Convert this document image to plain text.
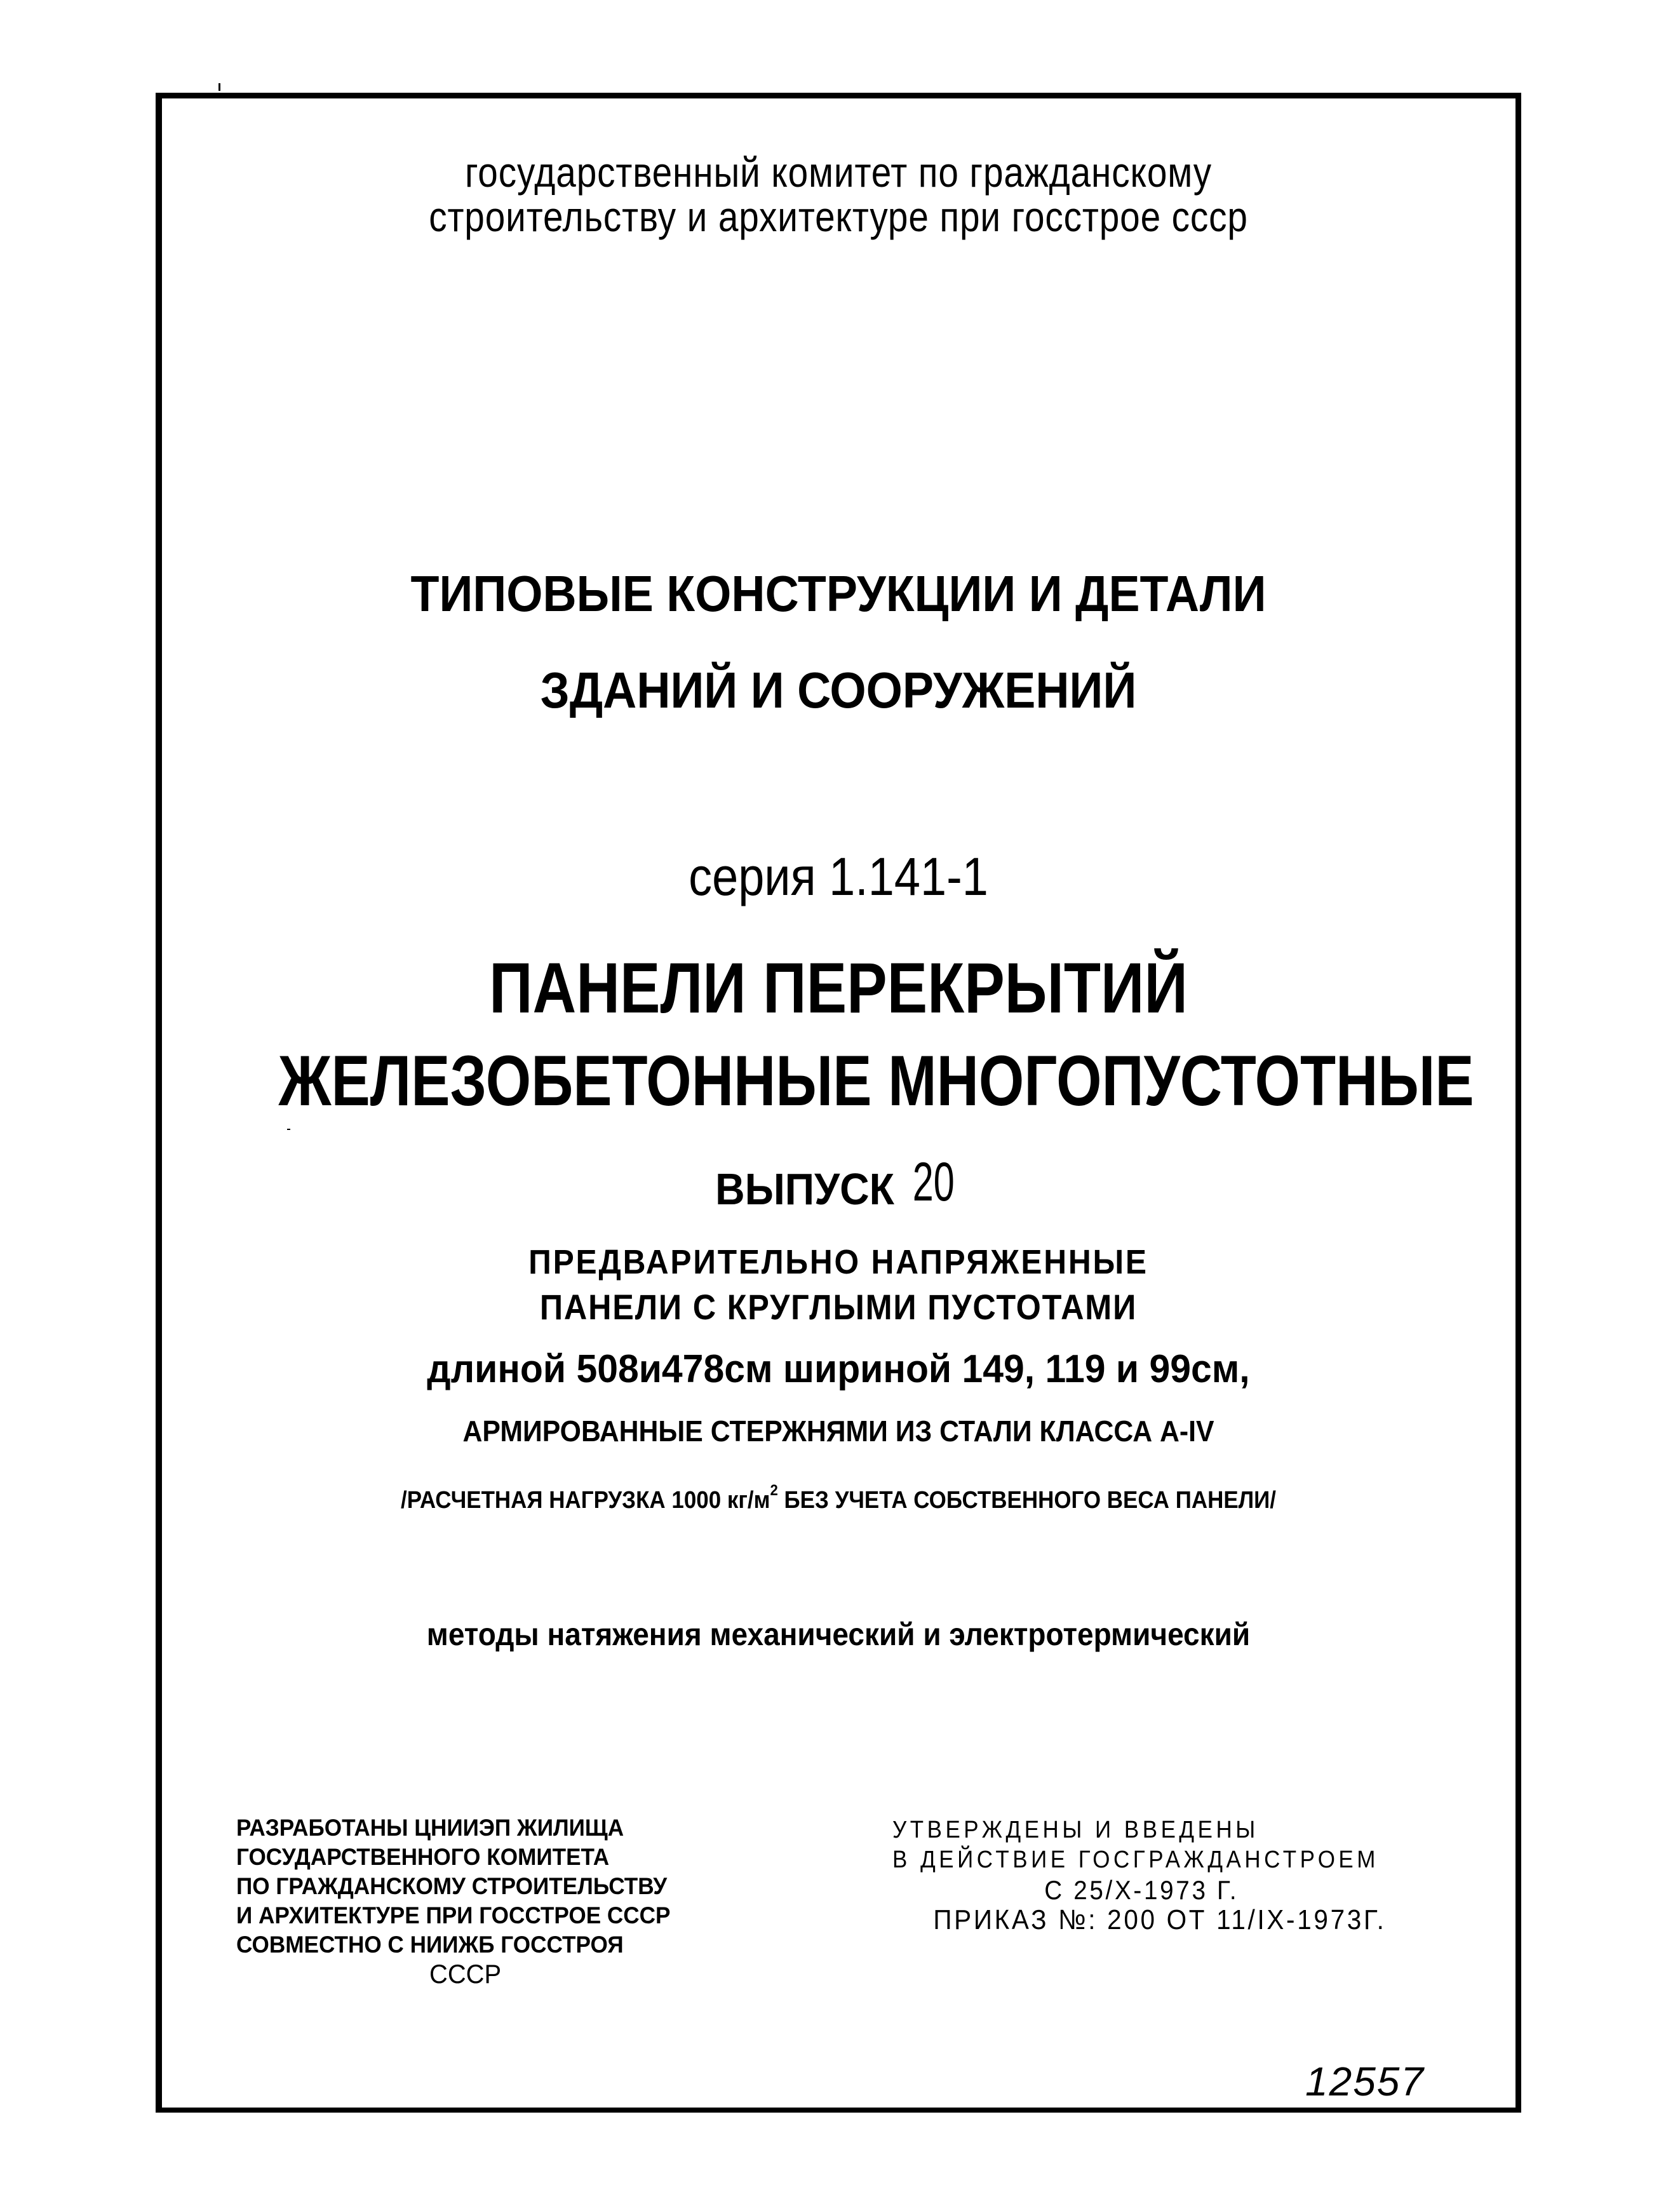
государственный комитет по гражданскому
строительству и архитектуре при госстрое ссср
ТИПОВЫЕ КОНСТРУКЦИИ И ДЕТАЛИ
ЗДАНИЙ И СООРУЖЕНИЙ
серия 1.141-1
ПАНЕЛИ ПЕРЕКРЫТИЙ
ЖЕЛЕЗОБЕТОННЫЕ МНОГОПУСТОТНЫЕ
ВЫПУСК 20
ПРЕДВАРИТЕЛЬНО НАПРЯЖЕННЫЕ
ПАНЕЛИ С КРУГЛЫМИ ПУСТОТАМИ
длиной 508и478см шириной 149, 119 и 99см,
АРМИРОВАННЫЕ СТЕРЖНЯМИ ИЗ СТАЛИ КЛАССА А-IV
/РАСЧЕТНАЯ НАГРУЗКА 1000 $кг/м^2$ БЕЗ УЧЕТА СОБСТВЕННОГО ВЕСА ПАНЕЛИ/
методы натяжения механический и электротермический
РАЗРАБОТАНЫ ЦНИИЭП ЖИЛИЩА
ГОСУДАРСТВЕННОГО КОМИТЕТА
ПО ГРАЖДАНСКОМУ СТРОИТЕЛЬСТВУ
И АРХИТЕКТУРЕ ПРИ ГОССТРОЕ СССР
СОВМЕСТНО С НИИЖБ ГОССТРОЯ
СССР
УТВЕРЖДЕНЫ И ВВЕДЕНЫ
В ДЕЙСТВИЕ ГОСГРАЖДАНСТРОЕМ
С 25/X-1973 Г.
ПРИКАЗ №: 200 ОТ 11/IX-1973Г.
12557
